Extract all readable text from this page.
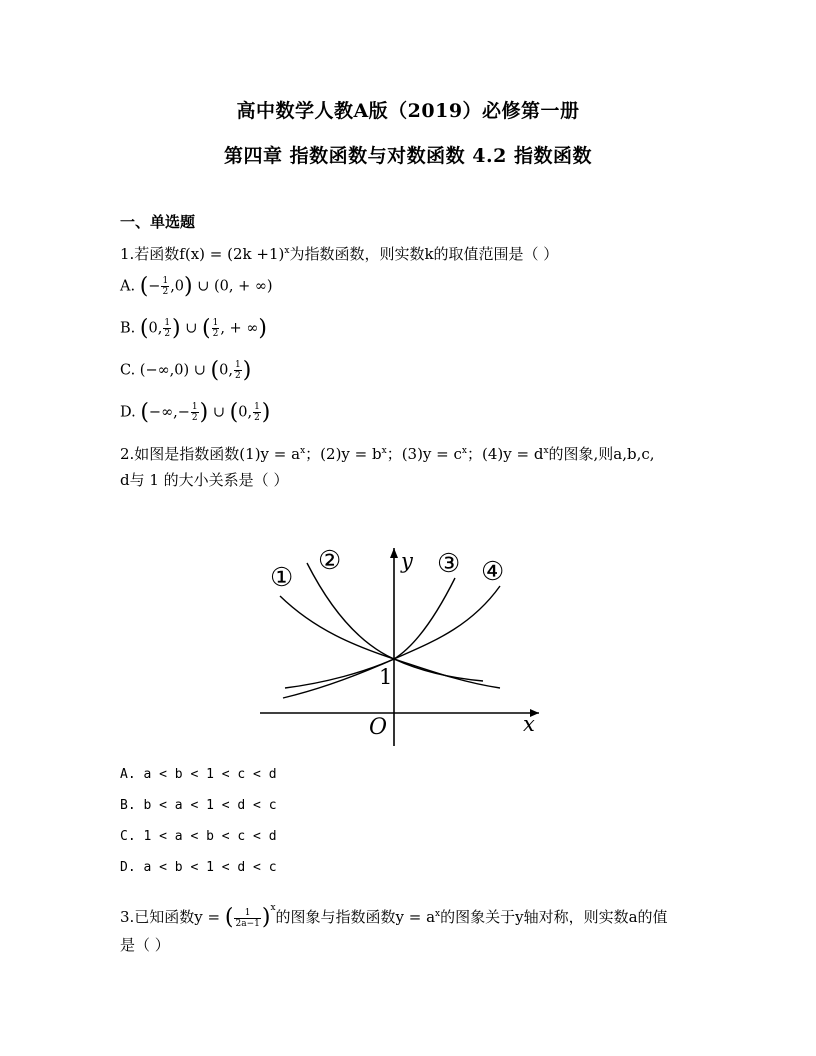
高中数学人教A版（2019）必修第一册
第四章 指数函数与对数函数 4.2 指数函数
一、单选题
1.若函数$f(x) = (2k +1)^x$为指数函数，则实数k的取值范围是（ ）
A. (− $\frac{1}{2} ,0$) ∪ (0, + ∞)
B. (0, $\frac{1}{2}$ ) ∪ ( $\frac{1}{2}$ , + ∞)
C. (−∞,0) ∪ (0, $\frac{1}{2}$ )
D. (−∞,− $\frac{1}{2}$ ) ∪ (0, $\frac{1}{2}$ )
2.如图是指数函数$(1)y = a^x$；$(2)y = b^x$；$(3)y = c^x$；$(4)y = d^x$的图象,则a,b,c,
d与 1 的大小关系是（ ）
①
②	③ ④
y
x
O
1
A. a < b < 1 < c < d
B. b < a < 1 < d < c
C. 1 < a < b < c < d
D. a < b < 1 < d < c
3.已知函数y = ( $\frac{1}{2a-1} )^x$的图象与指数函数$y = a^x$的图象关于y轴对称，则实数a的值
是（ ）
